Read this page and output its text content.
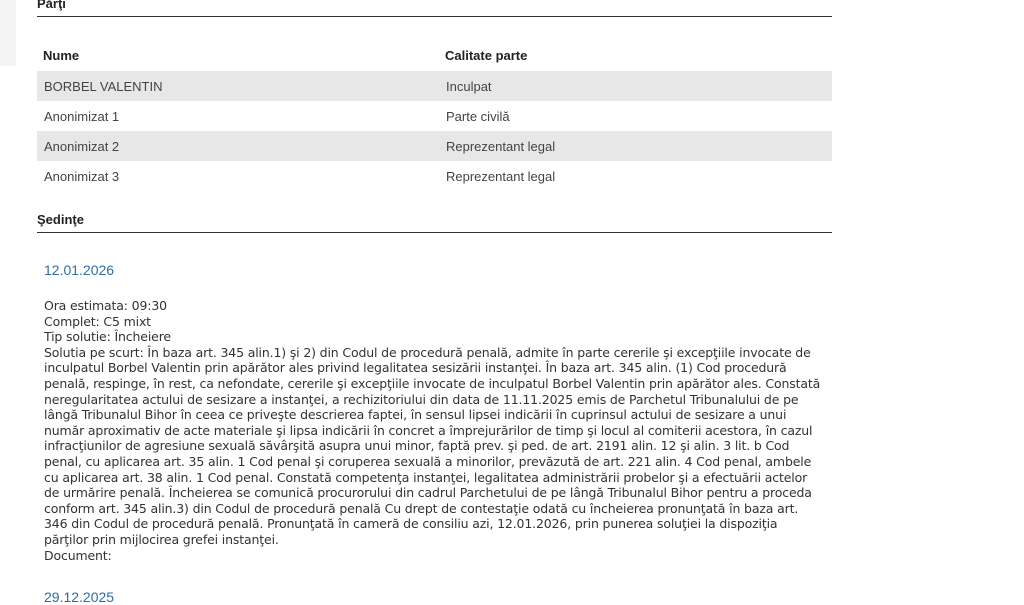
Părţi
Nume	Calitate parte
BORBEL VALENTIN	Inculpat
Anonimizat 1	Parte civilă
Anonimizat 2	Reprezentant legal
Anonimizat 3	Reprezentant legal
Şedinţe
12.01.2026
Ora estimata: 09:30
Complet: C5 mixt
Tip solutie: Încheiere
Solutia pe scurt: În baza art. 345 alin.1) şi 2) din Codul de procedură penală, admite în parte cererile şi excepţiile invocate de inculpatul Borbel Valentin prin apărător ales privind legalitatea sesizării instanţei. În baza art. 345 alin. (1) Cod procedură penală, respinge, în rest, ca nefondate, cererile şi excepţiile invocate de inculpatul Borbel Valentin prin apărător ales. Constată neregularitatea actului de sesizare a instanţei, a rechizitoriului din data de 11.11.2025 emis de Parchetul Tribunalului de pe lângă Tribunalul Bihor în ceea ce priveşte descrierea faptei, în sensul lipsei indicării în cuprinsul actului de sesizare a unui număr aproximativ de acte materiale şi lipsa indicării în concret a împrejurărilor de timp şi locul al comiterii acestora, în cazul infracţiunilor de agresiune sexuală săvârşită asupra unui minor, faptă prev. şi ped. de art. 2191 alin. 12 şi alin. 3 lit. b Cod penal, cu aplicarea art. 35 alin. 1 Cod penal şi coruperea sexuală a minorilor, prevăzută de art. 221 alin. 4 Cod penal, ambele cu aplicarea art. 38 alin. 1 Cod penal. Constată competenţa instanţei, legalitatea administrării probelor şi a efectuării actelor de urmărire penală. Încheierea se comunică procurorului din cadrul Parchetului de pe lângă Tribunalul Bihor pentru a proceda conform art. 345 alin.3) din Codul de procedură penală Cu drept de contestaţie odată cu încheierea pronunţată în baza art. 346 din Codul de procedură penală. Pronunţată în cameră de consiliu azi, 12.01.2026, prin punerea soluţiei la dispoziţia părţilor prin mijlocirea grefei instanţei.
Document:
29.12.2025
